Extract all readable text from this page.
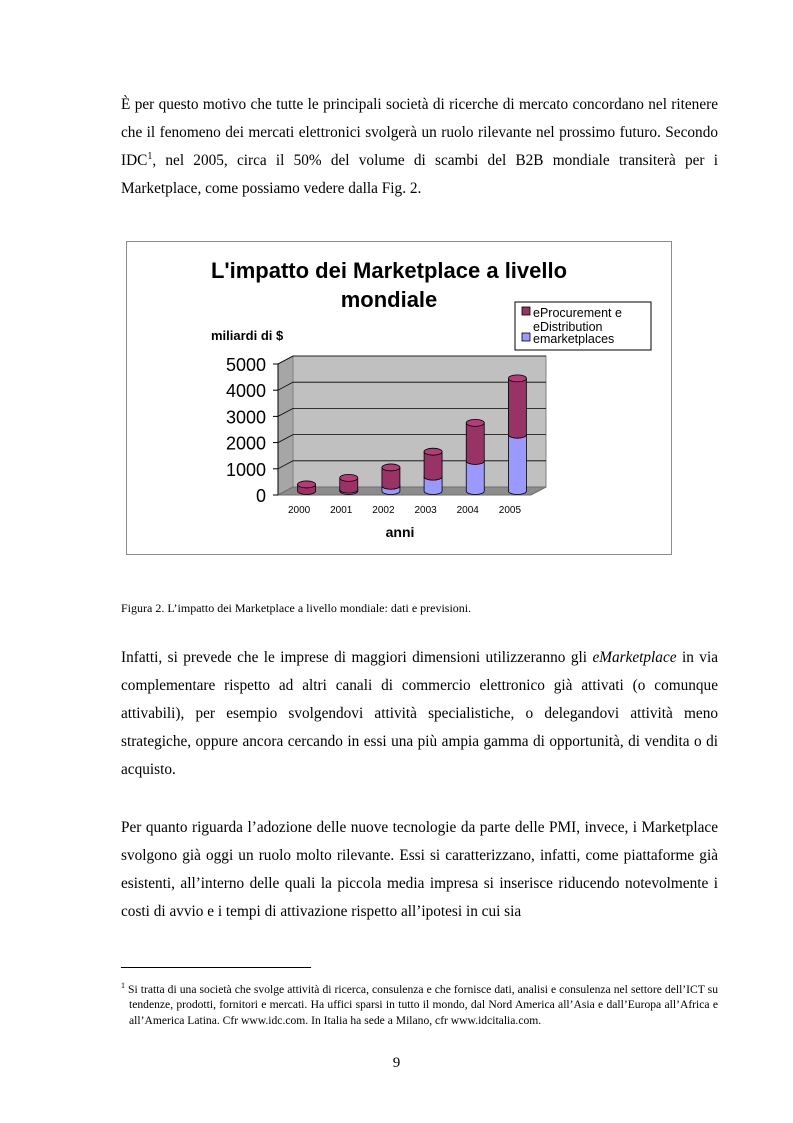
È per questo motivo che tutte le principali società di ricerche di mercato concordano nel ritenere che il fenomeno dei mercati elettronici svolgerà un ruolo rilevante nel prossimo futuro. Secondo IDC$^1$, nel 2005, circa il 50% del volume di scambi del B2B mondiale transiterà per i Marketplace, come possiamo vedere dalla Fig. 2.

L'impatto dei Marketplace a livello
mondiale
miliardi di $
0
1000
2000
3000
4000
5000
2000 2001 2002 2003 2004 2005
anni
eProcurement e
eDistribution
emarketplaces

Figura 2. L’impatto dei Marketplace a livello mondiale: dati e previsioni.

Infatti, si prevede che le imprese di maggiori dimensioni utilizzeranno gli eMarketplace in via complementare rispetto ad altri canali di commercio elettronico già attivati (o comunque attivabili), per esempio svolgendovi attività specialistiche, o delegandovi attività meno strategiche, oppure ancora cercando in essi una più ampia gamma di opportunità, di vendita o di acquisto.

Per quanto riguarda l’adozione delle nuove tecnologie da parte delle PMI, invece, i Marketplace svolgono già oggi un ruolo molto rilevante. Essi si caratterizzano, infatti, come piattaforme già esistenti, all’interno delle quali la piccola media impresa si inserisce riducendo notevolmente i costi di avvio e i tempi di attivazione rispetto all’ipotesi in cui sia

$^1$ Si tratta di una società che svolge attività di ricerca, consulenza e che fornisce dati, analisi e consulenza nel settore dell’ICT su tendenze, prodotti, fornitori e mercati. Ha uffici sparsi in tutto il mondo, dal Nord America all’Asia e dall’Europa all’Africa e all’America Latina. Cfr www.idc.com. In Italia ha sede a Milano, cfr www.idcitalia.com.

9
